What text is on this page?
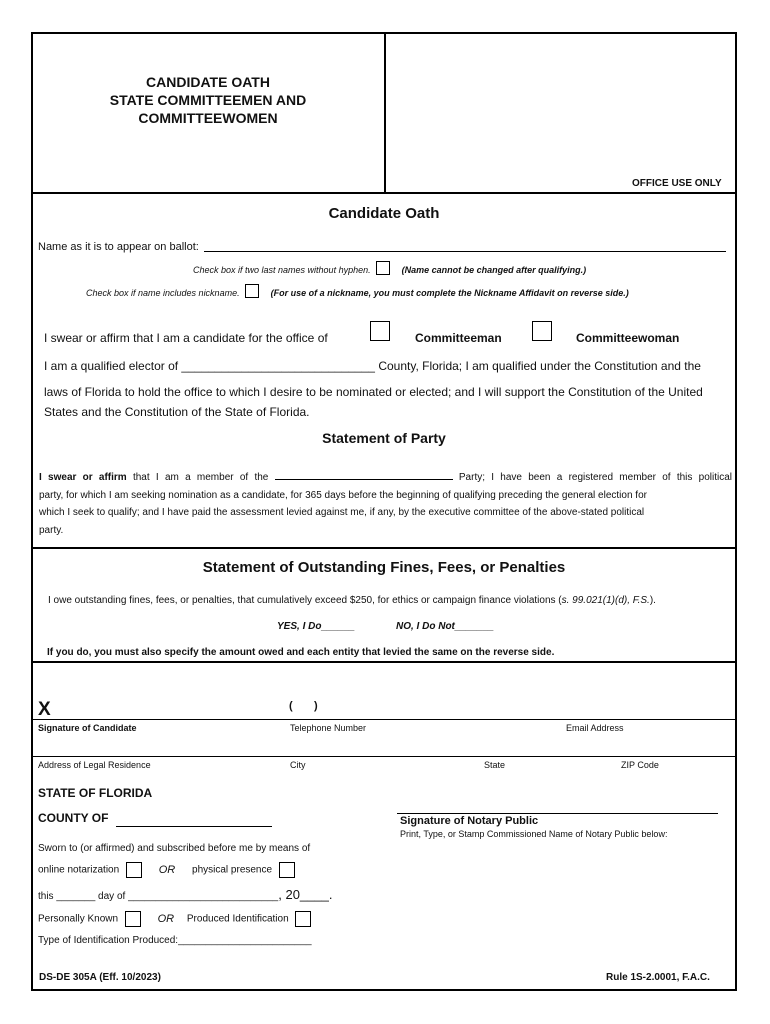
CANDIDATE OATH
STATE COMMITTEEMEN AND
COMMITTEEWOMEN
OFFICE USE ONLY
Candidate Oath
Name as it is to appear on ballot:
Check box if two last names without hyphen.	(Name cannot be changed after qualifying.)
Check box if name includes nickname.	(For use of a nickname, you must complete the Nickname Affidavit on reverse side.)
I swear or affirm that I am a candidate for the office of	Committeeman	Committeewoman
I am a qualified elector of _____________________________ County, Florida; I am qualified under the Constitution and the
laws of Florida to hold the office to which I desire to be nominated or elected; and I will support the Constitution of the United
States and the Constitution of the State of Florida.
Statement of Party
I swear or affirm that I am a member of the	Party; I have been a registered member of this political
party, for which I am seeking nomination as a candidate, for 365 days before the beginning of qualifying preceding the general election for
which I seek to qualify; and I have paid the assessment levied against me, if any, by the executive committee of the above-stated political
party.
Statement of Outstanding Fines, Fees, or Penalties
I owe outstanding fines, fees, or penalties, that cumulatively exceed $250, for ethics or campaign finance violations (s. 99.021(1)(d), F.S.).
YES, I Do______	NO, I Do Not_______
If you do, you must also specify the amount owed and each entity that levied the same on the reverse side.
X	(       )
Signature of Candidate	Telephone Number	Email Address
Address of Legal Residence	City	State	ZIP Code
STATE OF FLORIDA
COUNTY OF
Sworn to (or affirmed) and subscribed before me by means of
online notarization	OR physical presence
this _______ day of ___________________________, 20____.
Personally Known	OR Produced Identification
Type of Identification Produced:________________________
Signature of Notary Public
Print, Type, or Stamp Commissioned Name of Notary Public below:
DS-DE 305A (Eff. 10/2023)	Rule 1S-2.0001, F.A.C.
